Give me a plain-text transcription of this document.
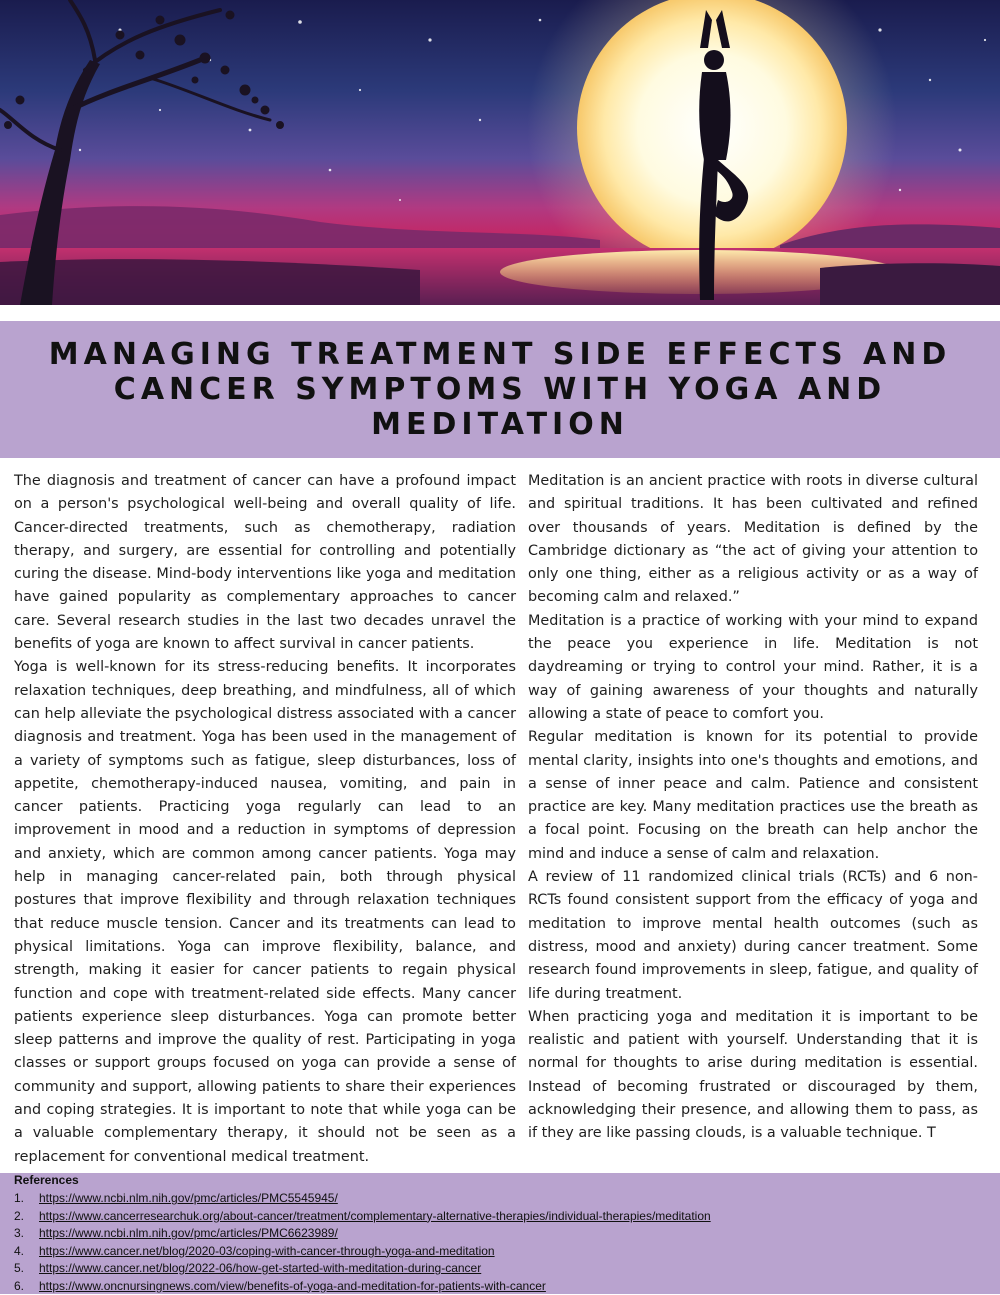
MANAGING TREATMENT SIDE EFFECTS AND CANCER SYMPTOMS WITH YOGA AND MEDITATION

The diagnosis and treatment of cancer can have a profound impact on a person's psychological well-being and overall quality of life. Cancer-directed treatments, such as chemotherapy, radiation therapy, and surgery, are essential for controlling and potentially curing the disease. Mind-body interventions like yoga and meditation have gained popularity as complementary approaches to cancer care. Several research studies in the last two decades unravel the benefits of yoga are known to affect survival in cancer patients.

Yoga is well-known for its stress-reducing benefits. It incorporates relaxation techniques, deep breathing, and mindfulness, all of which can help alleviate the psychological distress associated with a cancer diagnosis and treatment. Yoga has been used in the management of a variety of symptoms such as fatigue, sleep disturbances, loss of appetite, chemotherapy-induced nausea, vomiting, and pain in cancer patients. Practicing yoga regularly can lead to an improvement in mood and a reduction in symptoms of depression and anxiety, which are common among cancer patients. Yoga may help in managing cancer-related pain, both through physical postures that improve flexibility and through relaxation techniques that reduce muscle tension. Cancer and its treatments can lead to physical limitations. Yoga can improve flexibility, balance, and strength, making it easier for cancer patients to regain physical function and cope with treatment-related side effects. Many cancer patients experience sleep disturbances. Yoga can promote better sleep patterns and improve the quality of rest. Participating in yoga classes or support groups focused on yoga can provide a sense of community and support, allowing patients to share their experiences and coping strategies. It is important to note that while yoga can be a valuable complementary therapy, it should not be seen as a replacement for conventional medical treatment.

Meditation is an ancient practice with roots in diverse cultural and spiritual traditions. It has been cultivated and refined over thousands of years. Meditation is defined by the Cambridge dictionary as “the act of giving your attention to only one thing, either as a religious activity or as a way of becoming calm and relaxed.”

Meditation is a practice of working with your mind to expand the peace you experience in life. Meditation is not daydreaming or trying to control your mind. Rather, it is a way of gaining awareness of your thoughts and naturally allowing a state of peace to comfort you.

Regular meditation is known for its potential to provide mental clarity, insights into one's thoughts and emotions, and a sense of inner peace and calm. Patience and consistent practice are key. Many meditation practices use the breath as a focal point. Focusing on the breath can help anchor the mind and induce a sense of calm and relaxation.

A review of 11 randomized clinical trials (RCTs) and 6 non- RCTs found consistent support from the efficacy of yoga and meditation to improve mental health outcomes (such as distress, mood and anxiety) during cancer treatment. Some research found improvements in sleep, fatigue, and quality of life during treatment.

When practicing yoga and meditation it is important to be realistic and patient with yourself. Understanding that it is normal for thoughts to arise during meditation is essential. Instead of becoming frustrated or discouraged by them, acknowledging their presence, and allowing them to pass, as if they are like passing clouds, is a valuable technique. T

References
1. https://www.ncbi.nlm.nih.gov/pmc/articles/PMC5545945/
2. https://www.cancerresearchuk.org/about-cancer/treatment/complementary-alternative-therapies/individual-therapies/meditation
3. https://www.ncbi.nlm.nih.gov/pmc/articles/PMC6623989/
4. https://www.cancer.net/blog/2020-03/coping-with-cancer-through-yoga-and-meditation
5. https://www.cancer.net/blog/2022-06/how-get-started-with-meditation-during-cancer
6. https://www.oncnursingnews.com/view/benefits-of-yoga-and-meditation-for-patients-with-cancer
